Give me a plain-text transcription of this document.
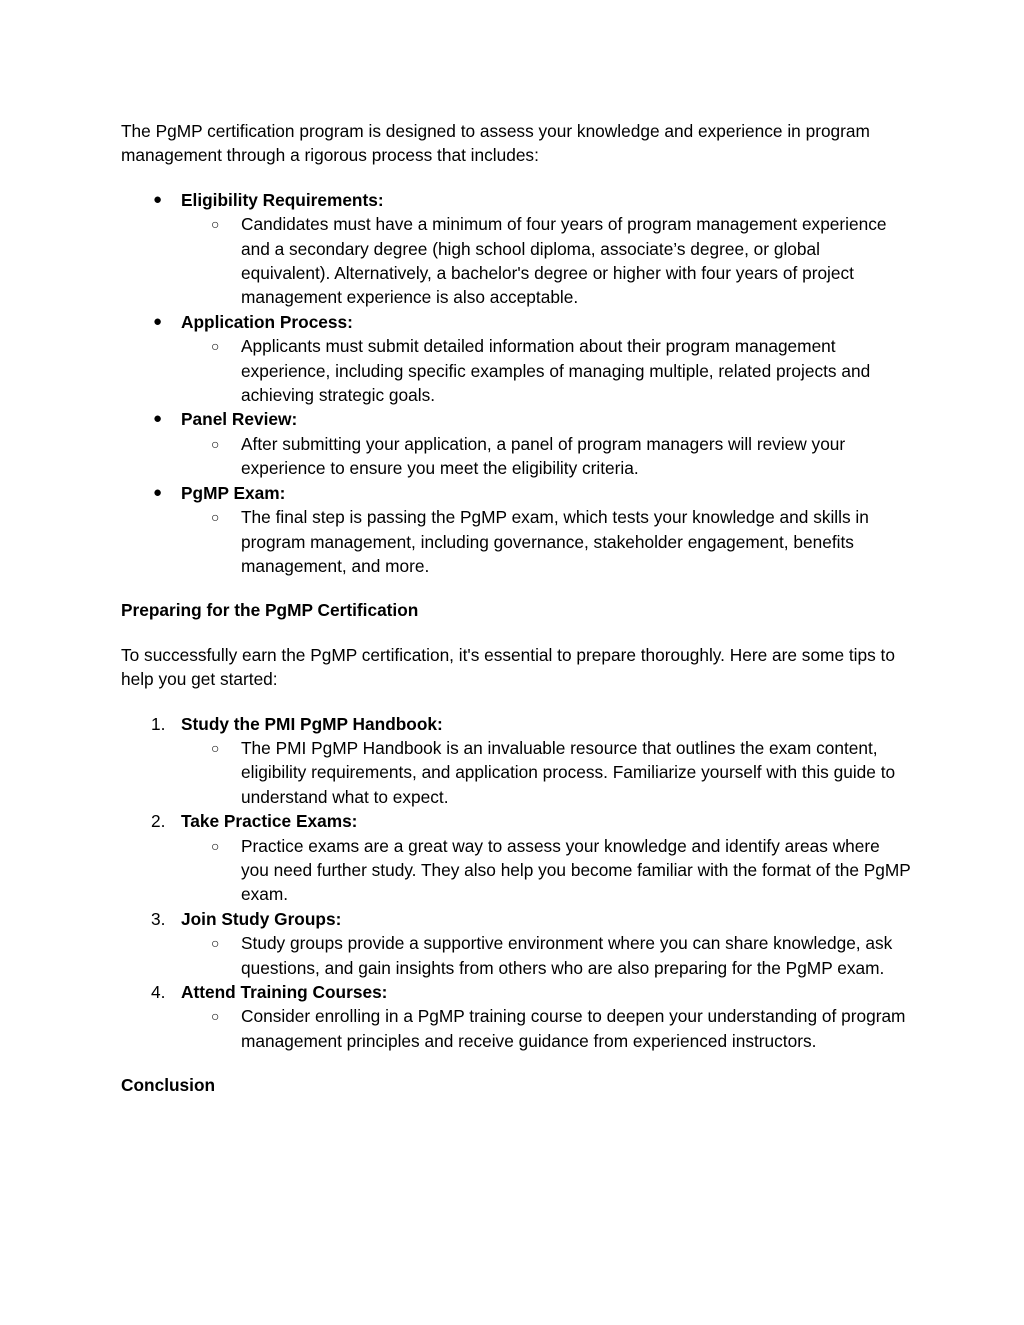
The PgMP certification program is designed to assess your knowledge and experience in program management through a rigorous process that includes:

●	Eligibility Requirements:
○ Candidates must have a minimum of four years of program management experience and a secondary degree (high school diploma, associate’s degree, or global equivalent). Alternatively, a bachelor's degree or higher with four years of project management experience is also acceptable.
●	Application Process:
○ Applicants must submit detailed information about their program management experience, including specific examples of managing multiple, related projects and achieving strategic goals.
●	Panel Review:
○ After submitting your application, a panel of program managers will review your experience to ensure you meet the eligibility criteria.
●	PgMP Exam:
○ The final step is passing the PgMP exam, which tests your knowledge and skills in program management, including governance, stakeholder engagement, benefits management, and more.

Preparing for the PgMP Certification

To successfully earn the PgMP certification, it's essential to prepare thoroughly. Here are some tips to help you get started:

1. Study the PMI PgMP Handbook:
○ The PMI PgMP Handbook is an invaluable resource that outlines the exam content, eligibility requirements, and application process. Familiarize yourself with this guide to understand what to expect.
2. Take Practice Exams:
○ Practice exams are a great way to assess your knowledge and identify areas where you need further study. They also help you become familiar with the format of the PgMP exam.
3. Join Study Groups:
○ Study groups provide a supportive environment where you can share knowledge, ask questions, and gain insights from others who are also preparing for the PgMP exam.
4. Attend Training Courses:
○ Consider enrolling in a PgMP training course to deepen your understanding of program management principles and receive guidance from experienced instructors.

Conclusion
